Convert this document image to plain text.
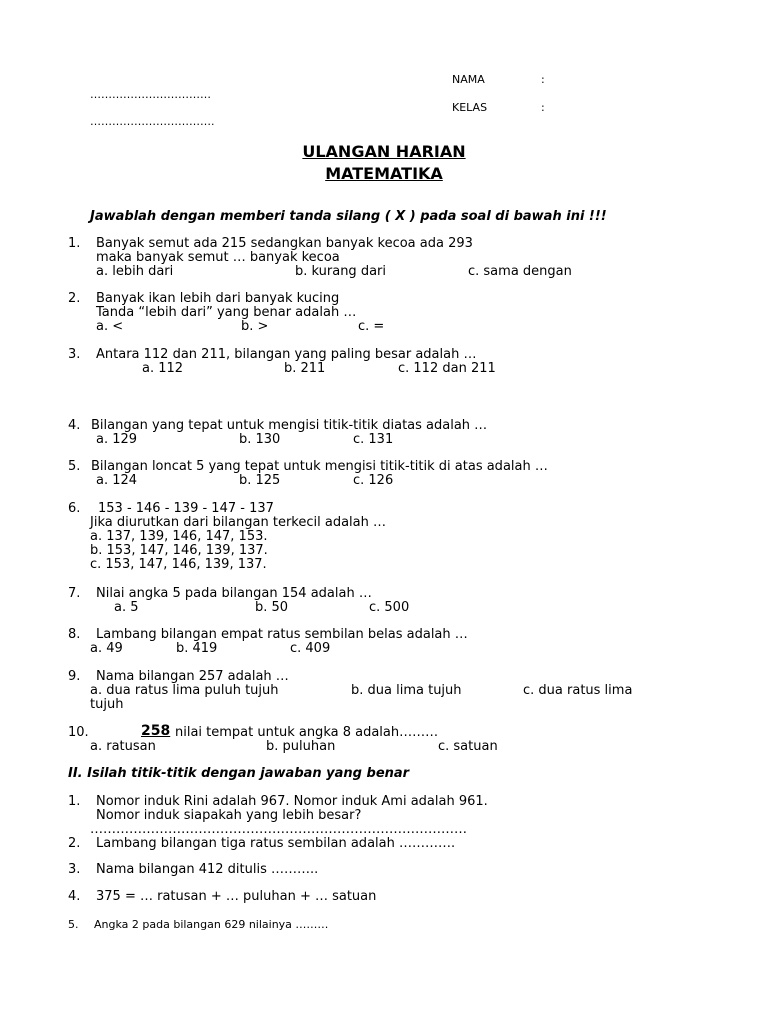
NAMA	:
……………………………
KELAS	:
…………………………….
ULANGAN HARIAN
MATEMATIKA
Jawablah dengan memberi tanda silang ( X ) pada soal di bawah ini !!!
1. Banyak semut ada 215 sedangkan banyak kecoa ada 293
maka banyak semut … banyak kecoa
a. lebih dari	b. kurang dari	c. sama dengan
2. Banyak ikan lebih dari banyak kucing
Tanda “lebih dari” yang benar adalah …
a. <	b. >	c. =
3. Antara 112 dan 211, bilangan yang paling besar adalah …
a. 112	b. 211	c. 112 dan 211
4. Bilangan yang tepat untuk mengisi titik-titik diatas adalah …
a. 129	b. 130	c. 131
5. Bilangan loncat 5 yang tepat untuk mengisi titik-titik di atas adalah …
a. 124	b. 125	c. 126
6. 153 - 146 - 139 - 147 - 137
Jika diurutkan dari bilangan terkecil adalah …
a. 137, 139, 146, 147, 153.
b. 153, 147, 146, 139, 137.
c. 153, 147, 146, 139, 137.
7. Nilai angka 5 pada bilangan 154 adalah …
a. 5	b. 50	c. 500
8. Lambang bilangan empat ratus sembilan belas adalah …
a. 49	b. 419	c. 409
9. Nama bilangan 257 adalah …
a. dua ratus lima puluh tujuh	b. dua lima tujuh	c. dua ratus lima
tujuh
10.	258 nilai tempat untuk angka 8 adalah………
a. ratusan	b. puluhan	c. satuan
II. Isilah titik-titik dengan jawaban yang benar
1. Nomor induk Rini adalah 967. Nomor induk Ami adalah 961.
Nomor induk siapakah yang lebih besar?
……………………………………………………………………………
2. Lambang bilangan tiga ratus sembilan adalah ………….
3. Nama bilangan 412 ditulis ………..
4. 375 = … ratusan + … puluhan + … satuan
5. Angka 2 pada bilangan 629 nilainya ………
